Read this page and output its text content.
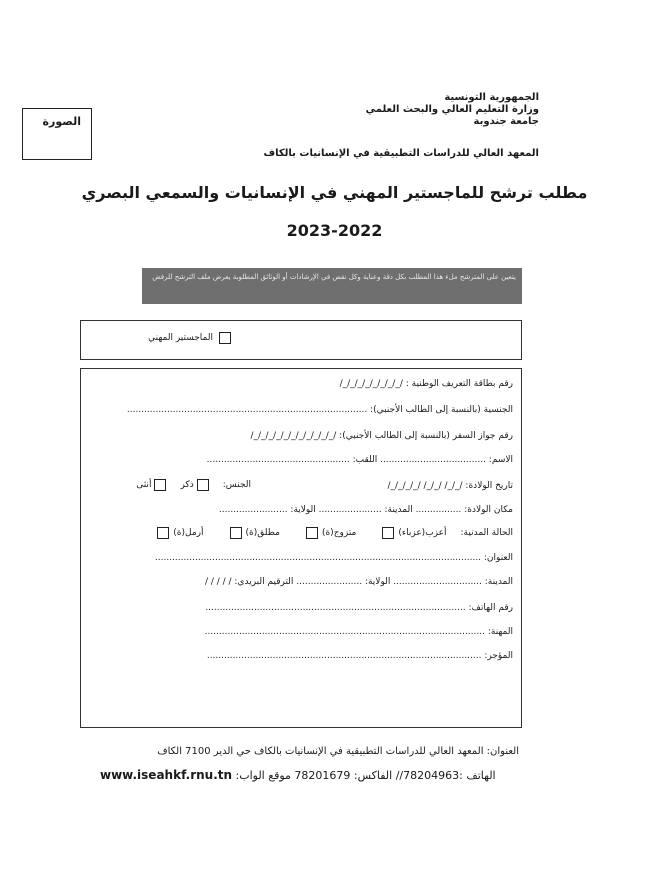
الصورة
الجمهورية التونسية
وزارة التعليم العالي والبحث العلمي
جامعة جندوبة
المعهد العالي للدراسات التطبيقية في الإنسانيات بالكاف
مطلب ترشح للماجستير المهني في الإنسانيات والسمعي البصري
2023-2022
يتعين على المترشح ملء هذا المطلب بكل دقة وعناية وكل نقص في الإرشادات أو الوثائق المطلوبة يعرض ملف الترشح للرفض
الماجستير المهني
رقم بطاقة التعريف الوطنية : /_/_/_/_/_/_/_/_/
الجنسية (بالنسبة إلى الطالب الأجنبي): ....................................................................................
رقم جواز السفر (بالنسبة إلى الطالب الأجنبي): /_/_/_/_/_/_/_/_/_/_/_/
الاسم: ..................................... اللقب: ..................................................
تاريخ الولادة: /_/_/ /_/_/ /_/_/_/_/
الجنس:
ذكر
أنثى
مكان الولادة: ................ المدينة: ...................... الولاية: ........................
الحالة المدنية:
أعزب(عزباء)
متزوج(ة)
مطلق(ة)
أرمل(ة)
العنوان: ..................................................................................................................
المدينة: ............................... الولاية: ....................... الترقيم البريدي: / / / / /
رقم الهاتف: ...........................................................................................
المهنة: ..................................................................................................
المؤجر: ................................................................................................
العنوان: المعهد العالي للدراسات التطبيقية في الإنسانيات بالكاف حي الدير 7100 الكاف
www.iseahkf.rnu.tn الهاتف :78204963// الفاكس: 78201679 موقع الواب:
